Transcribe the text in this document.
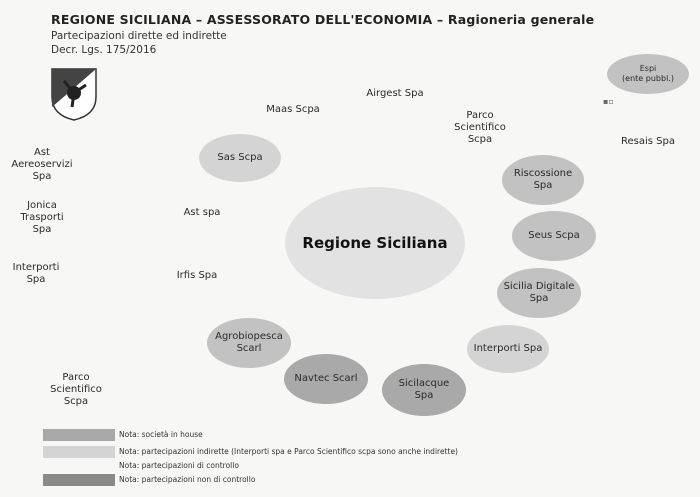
REGIONE SICILIANA – ASSESSORATO DELL'ECONOMIA – Ragioneria generale
Partecipazioni dirette ed indirette
Decr. Lgs. 175/2016
Airgest Spa
Maas Scpa
Parco
Scientifico
Scpa	Resais Spa
Ast
Aereoservizi
Spa
Jonica
Trasporti
Spa
Ast spa
Interporti
Spa	Irfis Spa
Parco
Scientifico
Scpa
Regione Siciliana
Espi
(ente pubbl.)
Sas Scpa
Riscossione
Spa
Seus Scpa
Sicilia Digitale
Spa
Interporti Spa
Sicilacque
Spa
Navtec Scarl
Agrobiopesca
Scarl
▪▫
Nota: società in house
Nota: partecipazioni indirette (Interporti spa e Parco Scientifico scpa sono anche indirette)
Nota: partecipazioni di controllo
Nota: partecipazioni non di controllo
